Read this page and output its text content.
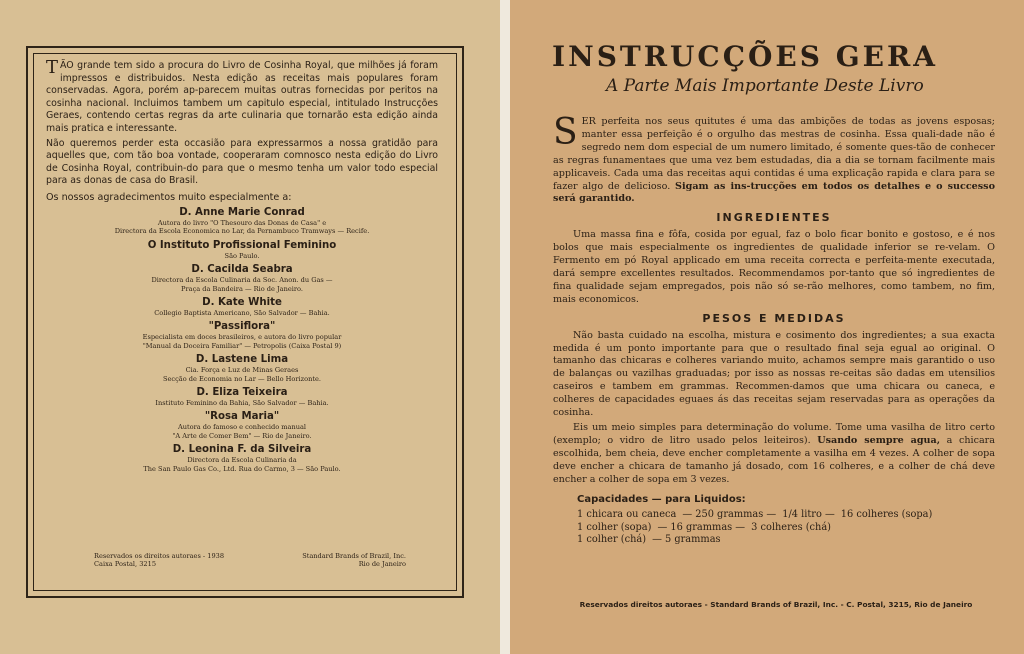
TÃO grande tem sido a procura do Livro de Cosinha Royal, que milhões já foram impressos e distribuidos. Nesta edição as receitas mais populares foram conservadas. Agora, porém ap-parecem muitas outras fornecidas por peritos na cosinha nacional. Incluimos tambem um capitulo especial, intitulado Instrucções Geraes, contendo certas regras da arte culinaria que tornarão esta edição ainda mais pratica e interessante.

Não queremos perder esta occasião para expressarmos a nossa gratidão para aquelles que, com tão boa vontade, cooperaram comnosco nesta edição do Livro de Cosinha Royal, contribuin-do para que o mesmo tenha um valor todo especial para as donas de casa do Brasil.

Os nossos agradecimentos muito especialmente a:

D. Anne Marie Conrad
Autora do livro "O Thesouro das Donas de Casa" e
Directora da Escola Economica no Lar, da Pernambuco Tramways — Recife.
O Instituto Profissional Feminino
São Paulo.
D. Cacilda Seabra
Directora da Escola Culinaria da Soc. Anon. du Gas —
Praça da Bandeira — Rio de Janeiro.
D. Kate White
Collegio Baptista Americano, São Salvador — Bahia.
"Passiflora"
Especialista em doces brasileiros, e autora do livro popular
"Manual da Doceira Familiar" — Petropolis (Caixa Postal 9)
D. Lastene Lima
Cia. Força e Luz de Minas Geraes
Secção de Economia no Lar — Bello Horizonte.
D. Eliza Teixeira
Instituto Feminino da Bahia, São Salvador — Bahia.
"Rosa Maria"
Autora do famoso e conhecido manual
"A Arte de Comer Bem" — Rio de Janeiro.
D. Leonina F. da Silveira
Directora da Escola Culinaria da
The San Paulo Gas Co., Ltd. Rua do Carmo, 3 — São Paulo.
Reservados os direitos autoraes - 1938
Caixa Postal, 3215
Standard Brands of Brazil, Inc.
Rio de Janeiro
INSTRUCÇÕES GERA
A Parte Mais Importante Deste Livro

SER perfeita nos seus quitutes é uma das ambições de todas as jovens esposas; manter essa perfeição é o orgulho das mestras de cosinha. Essa quali-dade não é segredo nem dom especial de um numero limitado, é somente ques-tão de conhecer as regras funamentaes que uma vez bem estudadas, dia a dia se tornam facilmente mais applicaveis. Cada uma das receitas aqui contidas é uma explicação rapida e clara para se fazer algo de delicioso. Sigam as ins-trucções em todos os detalhes e o successo será garantido.

INGREDIENTES

Uma massa fina e fôfa, cosida por egual, faz o bolo ficar bonito e gostoso, e é nos bolos que mais especialmente os ingredientes de qualidade inferior se re-velam. O Fermento em pó Royal applicado em uma receita correcta e perfeita-mente executada, dará sempre excellentes resultados. Recommendamos por-tanto que só ingredientes de fina qualidade sejam empregados, pois não só se-rão melhores, como tambem, no fim, mais economicos.

PESOS E MEDIDAS

Não basta cuidado na escolha, mistura e cosimento dos ingredientes; a sua exacta medida é um ponto importante para que o resultado final seja egual ao original. O tamanho das chicaras e colheres variando muito, achamos sempre mais garantido o uso de balanças ou vazilhas graduadas; por isso as nossas re-ceitas são dadas em utensilios caseiros e tambem em grammas. Recommen-damos que uma chicara ou caneca, e colheres de capacidades eguaes ás das receitas sejam reservadas para as operações da cosinha.

Eis um meio simples para determinação do volume. Tome uma vasilha de litro certo (exemplo; o vidro de litro usado pelos leiteiros). Usando sempre agua, a chicara escolhida, bem cheia, deve encher completamente a vasilha em 4 vezes. A colher de sopa deve encher a chicara de tamanho já dosado, com 16 colheres, e a colher de chá deve encher a colher de sopa em 3 vezes.

Capacidades — para Liquidos:
1 chicara ou caneca — 250 grammas — 1/4 litro — 16 colheres (sopa)
1 colher (sopa) — 16 grammas — 3 colheres (chá)
1 colher (chá) — 5 grammas
Reservados direitos autoraes - Standard Brands of Brazil, Inc. - C. Postal, 3215, Rio de Janeiro
